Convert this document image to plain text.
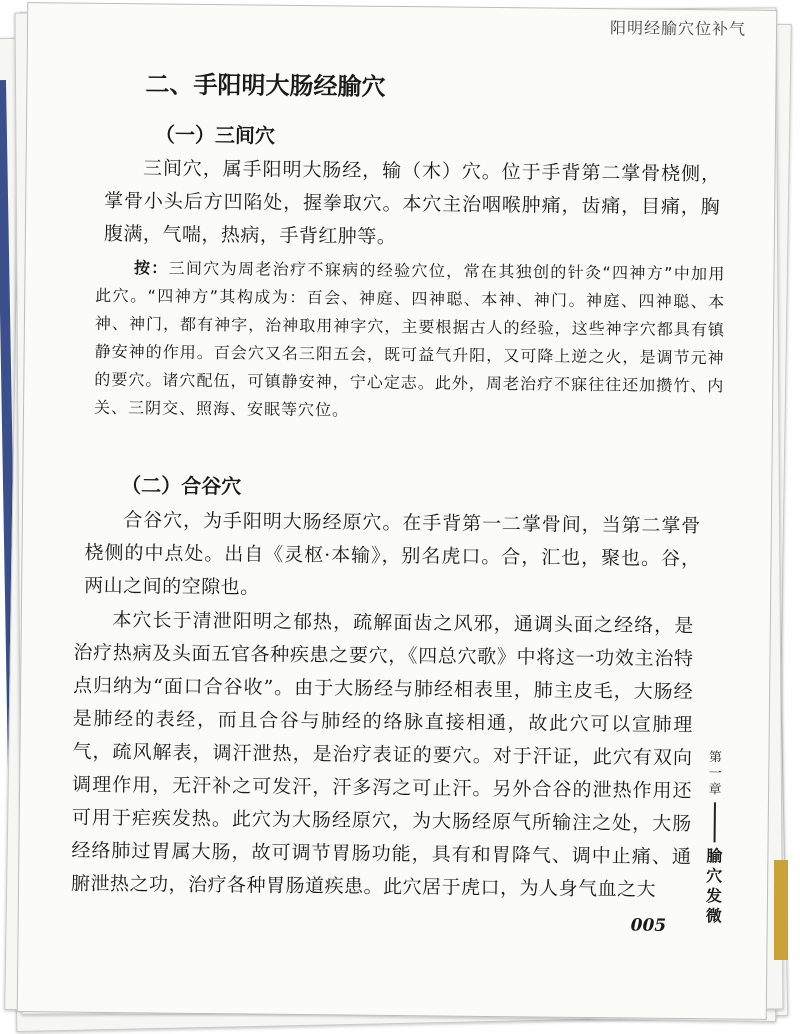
阳明经腧穴位补气
二、手阳明大肠经腧穴
（一）三间穴
三间穴，属手阳明大肠经，输（木）穴。位于手背第二掌骨桡侧，掌骨小头后方凹陷处，握拳取穴。本穴主治咽喉肿痛，齿痛，目痛，胸腹满，气喘，热病，手背红肿等。
按：三间穴为周老治疗不寐病的经验穴位，常在其独创的针灸“四神方”中加用此穴。“四神方”其构成为：百会、神庭、四神聪、本神、神门。神庭、四神聪、本神、神门，都有神字，治神取用神字穴，主要根据古人的经验，这些神字穴都具有镇静安神的作用。百会穴又名三阳五会，既可益气升阳，又可降上逆之火，是调节元神的要穴。诸穴配伍，可镇静安神，宁心定志。此外，周老治疗不寐往往还加攒竹、内关、三阴交、照海、安眠等穴位。
（二）合谷穴
合谷穴，为手阳明大肠经原穴。在手背第一二掌骨间，当第二掌骨桡侧的中点处。出自《灵枢·本输》，别名虎口。合，汇也，聚也。谷，两山之间的空隙也。
本穴长于清泄阳明之郁热，疏解面齿之风邪，通调头面之经络，是治疗热病及头面五官各种疾患之要穴，《四总穴歌》中将这一功效主治特点归纳为“面口合谷收”。由于大肠经与肺经相表里，肺主皮毛，大肠经是肺经的表经，而且合谷与肺经的络脉直接相通，故此穴可以宣肺理气，疏风解表，调汗泄热，是治疗表证的要穴。对于汗证，此穴有双向调理作用，无汗补之可发汗，汗多泻之可止汗。另外合谷的泄热作用还可用于疟疾发热。此穴为大肠经原穴，为大肠经原气所输注之处，大肠经络肺过胃属大肠，故可调节胃肠功能，具有和胃降气、调中止痛、通腑泄热之功，治疗各种胃肠道疾患。此穴居于虎口，为人身气血之大
第
一
章
腧
穴
发
微
005
